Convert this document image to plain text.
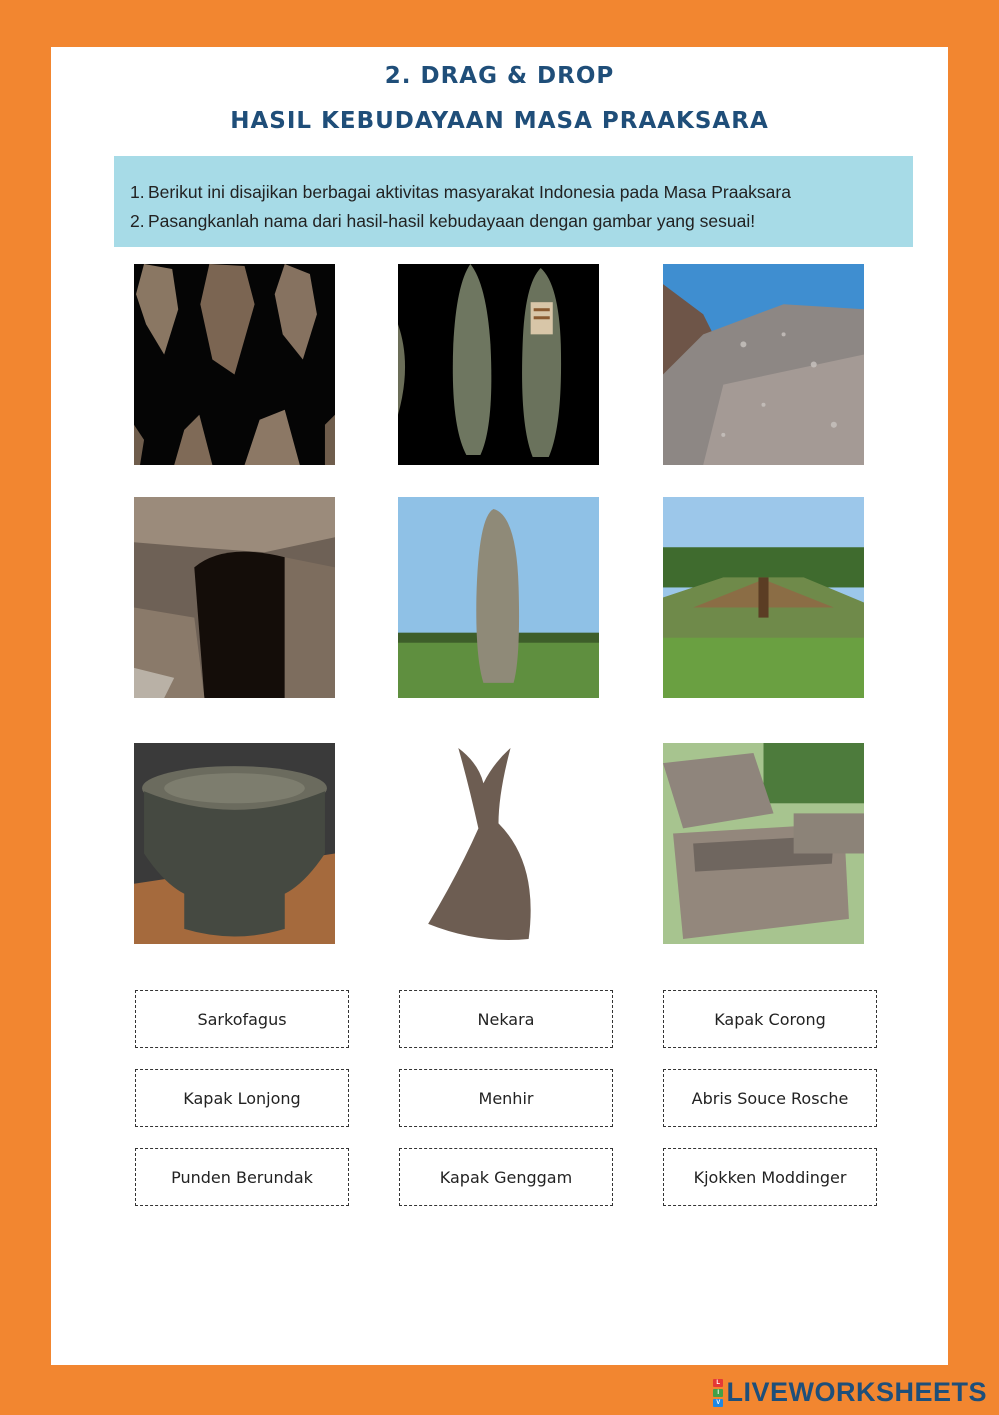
2. DRAG & DROP
HASIL KEBUDAYAAN MASA PRAAKSARA
1. Berikut ini disajikan berbagai aktivitas masyarakat Indonesia pada Masa Praaksara
2. Pasangkanlah nama dari hasil-hasil kebudayaan dengan gambar yang sesuai!
Sarkofagus	Nekara	Kapak Corong
Kapak Lonjong	Menhir	Abris Souce Rosche
Punden Berundak	Kapak Genggam	Kjokken Moddinger
L
I
V LIVEWORKSHEETS
